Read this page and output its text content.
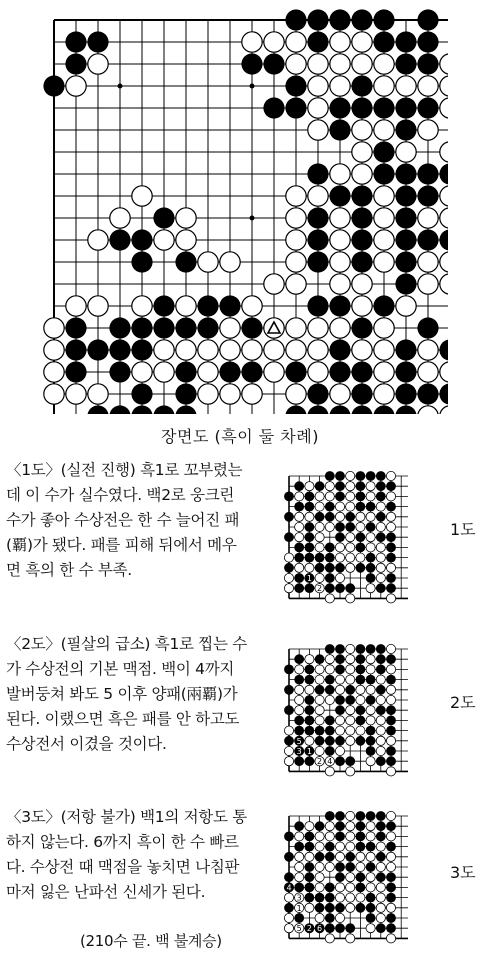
장면도 (흑이 둘 차례)

〈1도〉(실전 진행) 흑1로 꼬부렸는데 이 수가 실수였다. 백2로 웅크린 수가 좋아 수상전은 한 수 늘어진 패(覇)가 됐다. 패를 피해 뒤에서 메우면 흑의 한 수 부족.	1
2
1도

〈2도〉(필살의 급소) 흑1로 찝는 수가 수상전의 기본 맥점. 백이 4까지 발버둥쳐 봐도 5 이후 양패(兩覇)가 된다. 이랬으면 흑은 패를 안 하고도 수상전서 이겼을 것이다.	1
2
3
4
5
2도

〈3도〉(저항 불가) 백1의 저항도 통하지 않는다. 6까지 흑이 한 수 빠르다. 수상전 때 맥점을 놓치면 나침판마저 잃은 난파선 신세가 된다.

1
2
3
4
5 6
3도
(210수 끝. 백 불계승)
